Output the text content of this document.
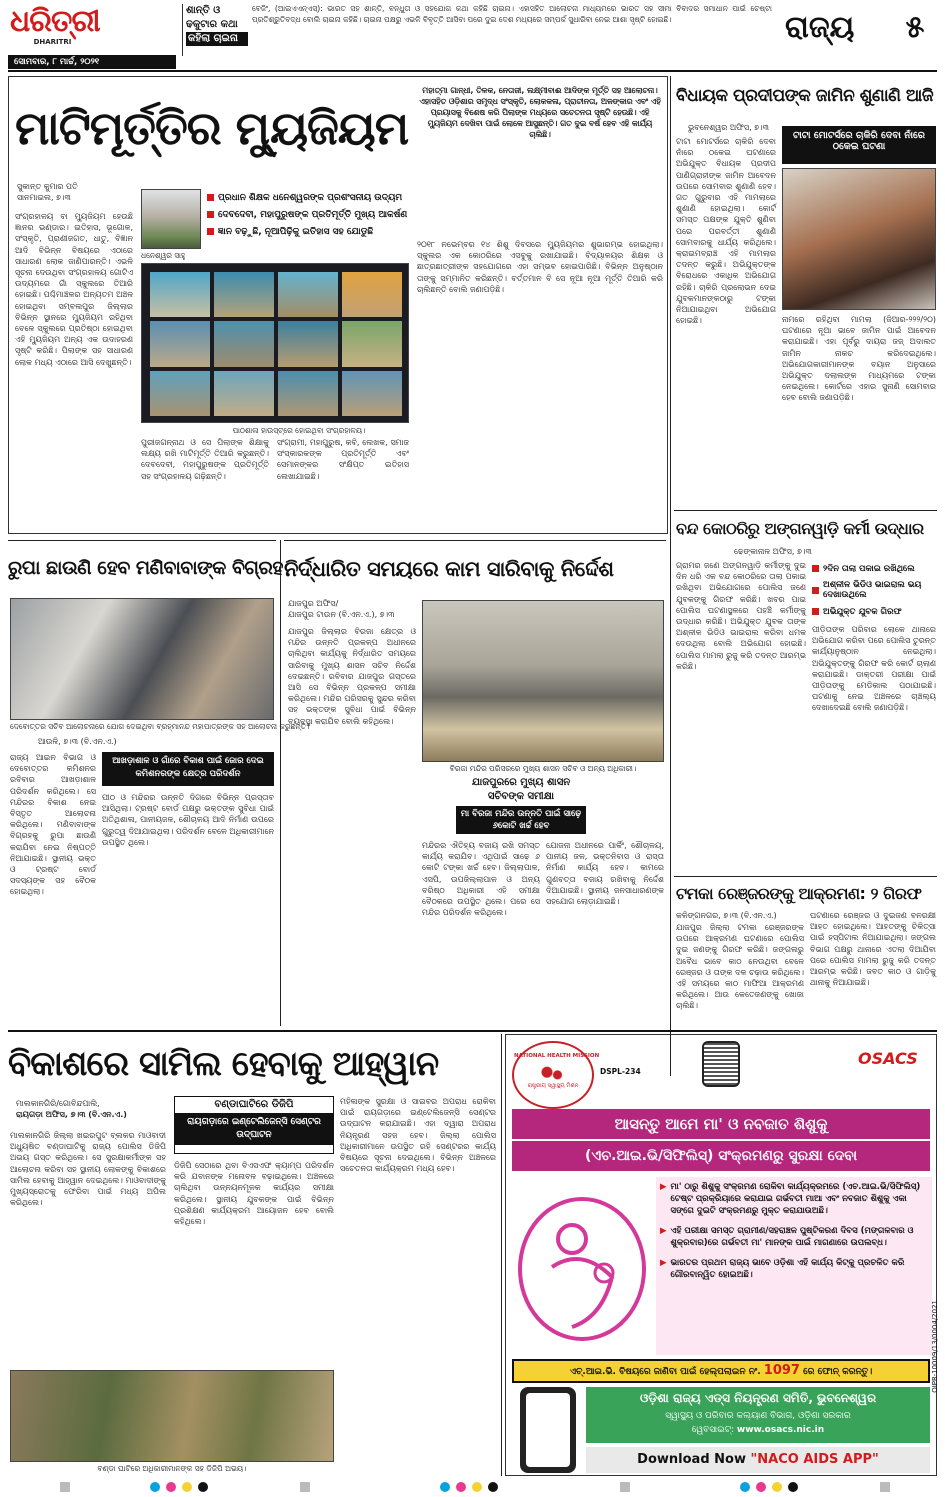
ଧରିତ୍ରୀ
DHARITRI
ଶାନ୍ତି ଓ
ଢକୁଟାର କଥା
କହିଲା ଚାଇନା
ବେଜିଂ, (ଆଇଏଏନ୍‌ଏସ୍‌): ଭାରତ ସହ ଶାନ୍ତି, ବନ୍ଧୁତା ଓ ସହଯୋଗ କଥା କହିଛି ଚାଇନା। ଏହାସହିତ ଆଲୋଚନା ମାଧ୍ୟମରେ ଭାରତ ସହ ସୀମା ବିବାଦର ସମାଧାନ ପାଇଁ ଚେଷ୍ଟା ପ୍ରତିଶ୍ରୁତିବଦ୍ଧ ବୋଲି ଚାଇନା କହିଛି। ଚାଇନା ପକ୍ଷରୁ ଏଭଳି ବିବୃତ୍ତି ଆସିବା ପରେ ଦୁଇ ଦେଶ ମଧ୍ୟରେ ସମ୍ପର୍କ ସୁଧାରିବା ନେଇ ଆଶା ସୃଷ୍ଟି ହୋଇଛି।	ରାଜ୍ୟ	୫
ସୋମବାର, ୮ ମାର୍ଚ୍ଚ, ୨୦୨୧
ମାଟିମୂର୍ତ୍ତିର ମ୍ୟୁଜିୟମ
ସୁକାନ୍ତ କୁମାର ପତି
ସାନମାଇଲ, ୭।୩
ଧନେଶ୍ୱର ସାହୁ
ପ୍ରଧାନ ଶିକ୍ଷକ ଧନେଶ୍ୱରଙ୍କ ପ୍ରଶଂସନୀୟ ଉଦ୍ୟମ
ଦେବଦେବୀ, ମହାପୁରୁଷଙ୍କ ପ୍ରତିମୂର୍ତ୍ତି ମୁଖ୍ୟ ଆକର୍ଷଣ
ଜ୍ଞାନ ବଢ଼ୁଛି, ନୂଆପିଢ଼ିକୁ ଇତିହାସ ସହ ଯୋଡୁଛି
ସଂଗ୍ରହାଳୟ ବା ମ୍ୟୁଜିୟମ ହେଉଛି ଜ୍ଞାନର ଭଣ୍ଡାର। ଇତିହାସ, ଭୂଗୋଳ, ସଂସ୍କୃତି, ପ୍ରାଣୀଜଗତ, ଧାତୁ, ବିଜ୍ଞାନ ଆଦି ବିଭିନ୍ନ ବିଷୟରେ ଏଠାରେ ସାଧାରଣ ଲୋକ ଜାଣିପାରନ୍ତି। ଏଭଳି ସୂଚନା ଦେଉଥିବା ସଂଗ୍ରହାଳୟ ଗୋଟିଏ ଉଦ୍ୟମରେ ଗାଁ ସ୍କୁଲରେ ତିଆରି ହୋଇଛି। ପଶ୍ଚିମାଞ୍ଚଳର ଅନ୍ୟତମ ଅଞ୍ଚଳ ହୋଇଥିବା ସମ୍ବଲପୁର ଜିଲ୍ଲାର ବିଭିନ୍ନ ସ୍ଥାନରେ ମ୍ୟୁଜିୟମ ରହିଥିବା ବେଳେ ସ୍କୁଲରେ ପ୍ରତିଷ୍ଠା ହୋଇଥିବା ଏହି ମ୍ୟୁଜିୟମ ଅନ୍ୟ ଏକ ଉଦାହରଣ ସୃଷ୍ଟି କରିଛି। ପିଲାଙ୍କ ସହ ସାଧାରଣ ଲୋକ ମଧ୍ୟ ଏଠାରେ ଆସି ଦେଖୁଛନ୍ତି।
ପାଠଶାଳା ହାଉସ୍‌ଟ୍ରେ ହୋଇଥିବା ସଂଗ୍ରହାଳୟ।
ପୁରୀଜଗନ୍ନାଥ ଓ ସେ ପିଲାଙ୍କ ଶିକ୍ଷାକୁ ଲକ୍ଷ୍ୟ ରଖି ମାଟିମୂର୍ତ୍ତି ତିଆରି କରୁଛନ୍ତି। ଦେବଦେବୀ, ମହାପୁରୁଷଙ୍କ ପ୍ରତିମୂର୍ତ୍ତି ସହ ସଂଗ୍ରହାଳୟ ଗଢ଼ିଛନ୍ତି।
ସଂଗ୍ରାମୀ, ମହାପୁରୁଷ, କବି, ଲେଖକ, ସମାଜ ସଂସ୍କାରକଙ୍କ ପ୍ରତିମୂର୍ତ୍ତି ଏବଂ ସେମାନଙ୍କର ସଂକ୍ଷିପ୍ତ ଇତିହାସ ଲେଖାଯାଇଛି।
ମହାତ୍ମା ଗାନ୍ଧୀ, ତିଳକ, ନେତାଜୀ, ଲକ୍ଷ୍ମୀବାଈ ଆଦିଙ୍କ ମୂର୍ତ୍ତି ସହ ଆଲୋଚନା। ଏହାସହିତ ଓଡ଼ିଶାର ସମୃଦ୍ଧ ସଂସ୍କୃତି, ଲୋକକଳା, ପ୍ରାଚୀନତା, ଅଳଙ୍କାର ଏବଂ ଏହି ପ୍ରୟାସକୁ ବିଶେଷ କରି ପିଲାଙ୍କ ମଧ୍ୟରେ ସଚେତନତା ସୃଷ୍ଟି ହେଉଛି। ଏହି ମ୍ୟୁଜିୟମ ଦେଖିବା ପାଇଁ ଲୋକେ ଆସୁଛନ୍ତି। ଗତ ଦୁଇ ବର୍ଷ ହେବ ଏହି କାର୍ଯ୍ୟ ଚାଲିଛି।
୨୦୧୮ ନଭେମ୍ବର ୧୪ ଶିଶୁ ଦିବସରେ ମ୍ୟୁଜିୟମର ଶୁଭାରମ୍ଭ ହୋଇଥିଲା। ସ୍କୁଲର ଏକ କୋଠରିରେ ଏସବୁକୁ ରଖାଯାଇଛି। ବିଦ୍ୟାଳୟର ଶିକ୍ଷକ ଓ ଛାତ୍ରଛାତ୍ରୀଙ୍କ ସହଯୋଗରେ ଏହା ସମ୍ଭବ ହୋଇପାରିଛି। ବିଭିନ୍ନ ଅନୁଷ୍ଠାନ ତାଙ୍କୁ ସମ୍ମାନିତ କରିଛନ୍ତି। ବର୍ତ୍ତମାନ ବି ସେ ନୂଆ ନୂଆ ମୂର୍ତ୍ତି ତିଆରି କରି ଚାଲିଛନ୍ତି ବୋଲି ଜଣାପଡ଼ିଛି।
ବିଧାୟକ ପ୍ରଦୀପଙ୍କ ଜାମିନ ଶୁଣାଣି ଆଜି
ଭୁବନେଶ୍ୱର ଅଫିସ, ୭।୩
ଟାଟା ମୋଟର୍ସରେ ଚାକିରି ଦେବା ନାଁରେ ଠକେଇ ଘଟଣା
ଟାଟା ମୋଟର୍ସରେ ଚାକିରି ଦେବା ନାଁରେ ଠକେଇ ଘଟଣାରେ ଅଭିଯୁକ୍ତ ବିଧାୟକ ପ୍ରଦୀପ ପାଣିଗ୍ରାହୀଙ୍କ ଜାମିନ ଆବେଦନ ଉପରେ ସୋମବାର ଶୁଣାଣି ହେବ। ଗତ ଗୁରୁବାର ଏହି ମାମଲାରେ ଶୁଣାଣି ହୋଇଥିଲା। କୋର୍ଟ ସମସ୍ତ ପକ୍ଷଙ୍କ ଯୁକ୍ତି ଶୁଣିବା ପରେ ପରବର୍ତ୍ତୀ ଶୁଣାଣି ସୋମବାରକୁ ଧାର୍ଯ୍ୟ କରିଥିଲେ। କ୍ରାଇମବ୍ରାଞ୍ଚ ଏହି ମାମଲାର ତଦନ୍ତ କରୁଛି। ଅଭିଯୁକ୍ତଙ୍କ ବିରୋଧରେ ଏକାଧିକ ଅଭିଯୋଗ ରହିଛି। ଚାକିରି ପ୍ରଲୋଭନ ଦେଇ ଯୁବକମାନଙ୍କଠାରୁ ଟଙ୍କା ନିଆଯାଇଥିବା ଅଭିଯୋଗ ହୋଇଛି।	ନାମରେ ରହିଥିବା ମାମଲା (ଜିଆର-୨୨୨/୨୦) ଘଟଣାରେ ନୂଆ ଭାବେ ଜାମିନ ପାଇଁ ଆବେଦନ କରାଯାଇଛି। ଏହା ପୂର୍ବରୁ ଦାୟରା ଜଜ୍ ଅଦାଲତ ଜାମିନ ନାକଚ କରିଦେଇଥିଲେ। ଅଭିଯୋଗକାରୀମାନଙ୍କ ବୟାନ ଅନୁସାରେ ଅଭିଯୁକ୍ତ ଦଲାଲଙ୍କ ମାଧ୍ୟମରେ ଟଙ୍କା ନେଇଥିଲେ। କୋର୍ଟରେ ଏହାର ସୁନାଣି ସୋମବାର ହେବ ବୋଲି ଜଣାପଡ଼ିଛି।
ବନ୍ଦ କୋଠରିରୁ ଅଙ୍ଗନୱାଡ଼ି କର୍ମୀ ଉଦ୍ଧାର
ଢେଙ୍କାନାଳ ଅଫିସ, ୭।୩
୨ଦିନ ତାଲା ପକାଇ ରଖିଥିଲେ
ଅଶ୍ଳୀଳ ଭିଡିଓ ଭାଇରାଲ ଭୟ ଦେଖାଉଥିଲେ
ଅଭିଯୁକ୍ତ ଯୁବକ ଗିରଫ
ଗ୍ରାମର ଜଣେ ଅଙ୍ଗନୱାଡ଼ି କର୍ମୀଙ୍କୁ ଦୁଇ ଦିନ ଧରି ଏକ ବନ୍ଦ କୋଠରିରେ ତାଲା ପକାଇ ରଖିଥିବା ଅଭିଯୋଗରେ ପୋଲିସ ଜଣେ ଯୁବକଙ୍କୁ ଗିରଫ କରିଛି। ଖବର ପାଇ ପୋଲିସ ଘଟଣାସ୍ଥଳରେ ପହଞ୍ଚି କର୍ମୀଙ୍କୁ ଉଦ୍ଧାର କରିଛି। ଅଭିଯୁକ୍ତ ଯୁବକ ତାଙ୍କ ଅଶ୍ଳୀଳ ଭିଡିଓ ଭାଇରାଲ କରିବା ଧମକ ଦେଉଥିଲା ବୋଲି ଅଭିଯୋଗ ହୋଇଛି। ପୋଲିସ ମାମଲା ରୁଜୁ କରି ତଦନ୍ତ ଆରମ୍ଭ କରିଛି।
ପୀଡ଼ିତାଙ୍କ ପରିବାର ଲୋକେ ଥାନାରେ ଅଭିଯୋଗ କରିବା ପରେ ପୋଲିସ ତୁରନ୍ତ କାର୍ଯ୍ୟାନୁଷ୍ଠାନ ନେଇଥିଲା। ଅଭିଯୁକ୍ତଙ୍କୁ ଗିରଫ କରି କୋର୍ଟ ଚାଲାଣ କରାଯାଇଛି। ଡାକ୍ତରୀ ପରୀକ୍ଷା ପାଇଁ ପୀଡ଼ିତାଙ୍କୁ ମେଡିକାଲ ପଠାଯାଇଛି। ଘଟଣାକୁ ନେଇ ଅଞ୍ଚଳରେ ଚାଞ୍ଚଲ୍ୟ ଦେଖାଦେଇଛି ବୋଲି ଜଣାପଡ଼ିଛି।
ଟମକା ରେଞ୍ଜରଙ୍କୁ ଆକ୍ରମଣ: ୨ ଗିରଫ
କଳିଙ୍ଗନଗର, ୭।୩ (ବି.ଏନ.ଏ.)
ଯାଜପୁର ଜିଲ୍ଲା ଟମକା ରେଞ୍ଜରଙ୍କ ଉପରେ ଆକ୍ରମଣ ଘଟଣାରେ ପୋଲିସ ଦୁଇ ଜଣଙ୍କୁ ଗିରଫ କରିଛି। ଜଙ୍ଗଲରୁ ଅବୈଧ ଭାବେ କାଠ ନେଉଥିବା ବେଳେ ରେଞ୍ଜର ଓ ତାଙ୍କ ଦଳ ଚଢ଼ାଉ କରିଥିଲେ। ଏହି ସମୟରେ କାଠ ମାଫିଆ ଆକ୍ରମଣ କରିଥିଲେ। ଆଉ କେତେଜଣଙ୍କୁ ଖୋଜା ଚାଲିଛି।
ଘଟଣାରେ ରେଞ୍ଜର ଓ ଦୁଇଜଣ ବନରକ୍ଷୀ ଆହତ ହୋଇଥିଲେ। ଆହତଙ୍କୁ ଚିକିତ୍ସା ପାଇଁ ହସ୍ପିଟାଲ ନିଆଯାଇଥିଲା। ଜଙ୍ଗଲ ବିଭାଗ ପକ୍ଷରୁ ଥାନାରେ ଏତଲା ଦିଆଯିବା ପରେ ପୋଲିସ ମାମଲା ରୁଜୁ କରି ତଦନ୍ତ ଆରମ୍ଭ କରିଛି। ଜବତ କାଠ ଓ ଗାଡ଼ିକୁ ଥାନାକୁ ନିଆଯାଇଛି।
ରୁପା ଛାଉଣି ହେବ ମଣିବାବାଙ୍କ ବିଗ୍ରହ
ଦେବୋତ୍ତର ସଚିବ ଆଲୋଚନାରେ ଯୋଗ ଦେଇଥିବା ବ୍ରହ୍ମାନନ୍ଦ ମହାପାତ୍ରଙ୍କ ସହ ଆଲୋଚନା କରୁଛନ୍ତି।
ଆଉଳି, ୭।୩ (ବି.ଏନ.ଏ.)
ଆଖଡ଼ାଶାଳ ଓ ଗାଁରେ ବିକାଶ ପାଇଁ ଜୋର ଦେଇ କମିଶନରଙ୍କ କ୍ଷେତ୍ର ପରିଦର୍ଶନ
ରାଜ୍ୟ ଆଇନ ବିଭାଗ ଓ ଦେବୋତ୍ତର କମିଶନର ରବିବାର ଆଖଡ଼ାଶାଳ ପରିଦର୍ଶନ କରିଥିଲେ। ସେ ମନ୍ଦିରର ବିକାଶ ନେଇ ବିସ୍ତୃତ ଆଲୋଚନା କରିଥିଲେ। ମଣିବାବାଙ୍କ ବିଗ୍ରହକୁ ରୁପା ଛାଉଣି କରାଯିବା ନେଇ ନିଷ୍ପତ୍ତି ନିଆଯାଇଛି। ସ୍ଥାନୀୟ ଭକ୍ତ ଓ ଟ୍ରଷ୍ଟ ବୋର୍ଡ ସଦସ୍ୟଙ୍କ ସହ ବୈଠକ ହୋଇଥିଲା।
ପୀଠ ଓ ମନ୍ଦିରର ଉନ୍ନତି ଦିଗରେ ବିଭିନ୍ନ ପ୍ରସ୍ତାବ ଆସିଥିଲା। ଟ୍ରଷ୍ଟ ବୋର୍ଡ ପକ୍ଷରୁ ଭକ୍ତଙ୍କ ସୁବିଧା ପାଇଁ ଅତିଥିଶାଳା, ପାନୀୟଜଳ, ଶୌଚାଳୟ ଆଦି ନିର୍ମାଣ ଉପରେ ଗୁରୁତ୍ୱ ଦିଆଯାଇଥିଲା। ପରିଦର୍ଶନ ବେଳେ ଅଧିକାରୀମାନେ ଉପସ୍ଥିତ ଥିଲେ।
ନିର୍ଦ୍ଧାରିତ ସମୟରେ କାମ ସାରିବାକୁ ନିର୍ଦ୍ଦେଶ
ଯାଜପୁର ଅଫିସ/
ଯାଜପୁର ଟାଉନ (ବି.ଏନ.ଏ.), ୭।୩
ବିରଜା ମନ୍ଦିର ପରିସରରେ ମୁଖ୍ୟ ଶାସନ ସଚିବ ଓ ଅନ୍ୟ ଅଧିକାରୀ।
ଯାଜପୁରରେ ମୁଖ୍ୟ ଶାସନ ସଚିବଙ୍କ ସମୀକ୍ଷା
ମା ବିରଜା ମନ୍ଦିର ଉନ୍ନତି ପାଇଁ ସାଢ଼େ ୬କୋଟି ଖର୍ଚ୍ଚ ହେବ
ଯାଜପୁର ଜିଲ୍ଲାର ବିରଜା କ୍ଷେତ୍ର ଓ ମନ୍ଦିର ଉନ୍ନତି ପ୍ରକଳ୍ପ ଅଧୀନରେ ଚାଲିଥିବା କାର୍ଯ୍ୟକୁ ନିର୍ଦ୍ଧାରିତ ସମୟରେ ସାରିବାକୁ ମୁଖ୍ୟ ଶାସନ ସଚିବ ନିର୍ଦ୍ଦେଶ ଦେଇଛନ୍ତି। ରବିବାର ଯାଜପୁର ଗସ୍ତରେ ଆସି ସେ ବିଭିନ୍ନ ପ୍ରକଳ୍ପ ସମୀକ୍ଷା କରିଥିଲେ। ମନ୍ଦିର ପରିସରକୁ ସୁନ୍ଦର କରିବା ସହ ଭକ୍ତଙ୍କ ସୁବିଧା ପାଇଁ ବିଭିନ୍ନ ବ୍ୟବସ୍ଥା କରାଯିବ ବୋଲି କହିଥିଲେ।
ମନ୍ଦିରର ଐତିହ୍ୟ ବଜାୟ ରଖି ସମସ୍ତ କାର୍ଯ୍ୟ କରାଯିବ। ଏଥିପାଇଁ ସାଢ଼େ ୬ କୋଟି ଟଙ୍କା ଖର୍ଚ୍ଚ ହେବ। ଜିଲ୍ଲାପାଳ, ଏସପି, ଉପଜିଲ୍ଲାପାଳ ଓ ଅନ୍ୟ ବରିଷ୍ଠ ଅଧିକାରୀ ଏହି ସମୀକ୍ଷା ବୈଠକରେ ଉପସ୍ଥିତ ଥିଲେ। ପରେ ସେ ମନ୍ଦିର ପରିଦର୍ଶନ କରିଥିଲେ।
ଯୋଜନା ଅଧୀନରେ ପାର୍କିଂ, ଶୌଚାଳୟ, ପାନୀୟ ଜଳ, ଭକ୍ତନିବାସ ଓ ରାସ୍ତା ନିର୍ମାଣ କାର୍ଯ୍ୟ ହେବ। କାମରେ ଗୁଣବତ୍ତା ବଜାୟ ରଖିବାକୁ ନିର୍ଦ୍ଦେଶ ଦିଆଯାଇଛି। ସ୍ଥାନୀୟ ଜନସାଧାରଣଙ୍କ ସହଯୋଗ ଲୋଡ଼ାଯାଇଛି।
ବିକାଶରେ ସାମିଲ ହେବାକୁ ଆହ୍ୱାନ
ମାଲକାନଗିରି/ଗୋବିନ୍ଦପାଲି,
ରାୟଗଡ଼ା ଅଫିସ, ୭।୩ (ବି.ଏନ.ଏ.)
ବଣ୍ଡାଘାଟିରେ ଡିଜିପି
ରାୟଗଡ଼ାରେ ଇଣ୍ଟେଲିଜେନ୍ସି ସେଣ୍ଟର ଉଦ୍‌ଘାଟନ
ମାଲକାନଗିରି ଜିଲ୍ଲା ଖଇରପୁଟ ବ୍ଲକର ମାଓବାଦୀ ଅଧ୍ୟୁଷିତ ବଣ୍ଡାଘାଟିକୁ ରାଜ୍ୟ ପୋଲିସ ଡିଜିପି ଅଭୟ ଗସ୍ତ କରିଥିଲେ। ସେ ସୁରକ୍ଷାକର୍ମୀଙ୍କ ସହ ଆଲୋଚନା କରିବା ସହ ସ୍ଥାନୀୟ ଲୋକଙ୍କୁ ବିକାଶରେ ସାମିଲ ହେବାକୁ ଆହ୍ୱାନ ଦେଇଥିଲେ। ମାଓବାଦୀଙ୍କୁ ମୁଖ୍ୟସ୍ରୋତକୁ ଫେରିବା ପାଇଁ ମଧ୍ୟ ଅପିଲ କରିଥିଲେ।
ଡିଜିପି ସେଠାରେ ଥିବା ବିଏସଏଫ କ୍ୟାମ୍ପ ପରିଦର୍ଶନ କରି ଯବାନଙ୍କ ମନୋବଳ ବଢ଼ାଇଥିଲେ। ଅଞ୍ଚଳରେ ଚାଲିଥିବା ଉନ୍ନୟନମୂଳକ କାର୍ଯ୍ୟର ସମୀକ୍ଷା କରିଥିଲେ। ସ୍ଥାନୀୟ ଯୁବକଙ୍କ ପାଇଁ ବିଭିନ୍ନ ପ୍ରଶିକ୍ଷଣ କାର୍ଯ୍ୟକ୍ରମ ଆୟୋଜନ ହେବ ବୋଲି କହିଥିଲେ।
ମହିଳାଙ୍କ ସୁରକ୍ଷା ଓ ସାଇବର ଅପରାଧ ରୋକିବା ପାଇଁ ରାୟଗଡ଼ାରେ ଇଣ୍ଟେଲିଜେନ୍ସି ସେଣ୍ଟର ଉଦ୍‌ଘାଟନ କରାଯାଇଛି। ଏହା ଦ୍ୱାରା ଅପରାଧ ନିୟନ୍ତ୍ରଣ ସହଜ ହେବ। ଜିଲ୍ଲା ପୋଲିସ ଅଧିକାରୀମାନେ ଉପସ୍ଥିତ ରହି ସେଣ୍ଟରର କାର୍ଯ୍ୟ ବିଷୟରେ ସୂଚନା ଦେଇଥିଲେ। ବିଭିନ୍ନ ଅଞ୍ଚଳରେ ସଚେତନତା କାର୍ଯ୍ୟକ୍ରମ ମଧ୍ୟ ହେବ।
ବଣ୍ଡା ଘାଟିରେ ଅଧିକାରୀମାନଙ୍କ ସହ ଡିଜିପି ଅଭୟ।
NATIONAL HEALTH MISSION
ରାଷ୍ଟ୍ରୀୟ ସ୍ୱାସ୍ଥ୍ୟ ମିଶନ
DSPL-234
OSACS
ଆସନ୍ତୁ ଆମେ ମା' ଓ ନବଜାତ ଶିଶୁକୁ
(ଏଚ.ଆଇ.ଭି/ସିଫିଲିସ୍) ସଂକ୍ରମଣରୁ ସୁରକ୍ଷା ଦେବା
▶ ମା' ଠାରୁ ଶିଶୁକୁ ସଂକ୍ରମଣ ରୋକିବା କାର୍ଯ୍ୟକ୍ରମରେ (ଏଚ.ଆଇ.ଭି/ସିଫିଲିସ୍) ଟେଷ୍ଟ ପ୍ରକ୍ରିୟାରେ କରାଯାଇ ଗର୍ଭବତୀ ମାଆ ଏବଂ ନବଜାତ ଶିଶୁକୁ ଏକା ସଙ୍ଗେ ଦୁଇଟି ସଂକ୍ରମଣରୁ ମୁକ୍ତ କରାଯାଉଅଛି।
▶ ଏହି ପରୀକ୍ଷା ସମସ୍ତ ଗ୍ରାମୀଣ/ସହରାଞ୍ଚଳ ପୁଷ୍ଟିକରଣ ଦିବସ (ମଙ୍ଗଳବାର ଓ ଶୁକ୍ରବାର)ରେ ଗର୍ଭବତୀ ମା' ମାନଙ୍କ ପାଇଁ ମାଗଣାରେ ଉପଲବ୍ଧ।
▶ ଭାରତର ପ୍ରଥମ ରାଜ୍ୟ ଭାବେ ଓଡ଼ିଶା ଏହି କାର୍ଯ୍ୟ କିଟ୍‌କୁ ପ୍ରଚଳିତ କରି ଗୌରବାନ୍ୱିତ ହୋଇଅଛି।
ଏଚ୍.ଆଇ.ଭି. ବିଷୟରେ ଜାଣିବା ପାଇଁ ହେଲ୍ପଲାଇନ ନଂ. 1097 ରେ ଫୋନ୍ କରନ୍ତୁ।
ଓଡ଼ିଶା ରାଜ୍ୟ ଏଡ୍‌ସ ନିୟନ୍ତ୍ରଣ ସମିତି, ଭୁବନେଶ୍ୱର
ସ୍ୱାସ୍ଥ୍ୟ ଓ ପରିବାର କଲ୍ୟାଣ ବିଭାଗ, ଓଡ଼ିଶା ସରକାର
ୱେବସାଇଟ୍: www.osacs.nic.in
Download Now "NACO AIDS APP"
OIPR-10009/13/0004/2021
